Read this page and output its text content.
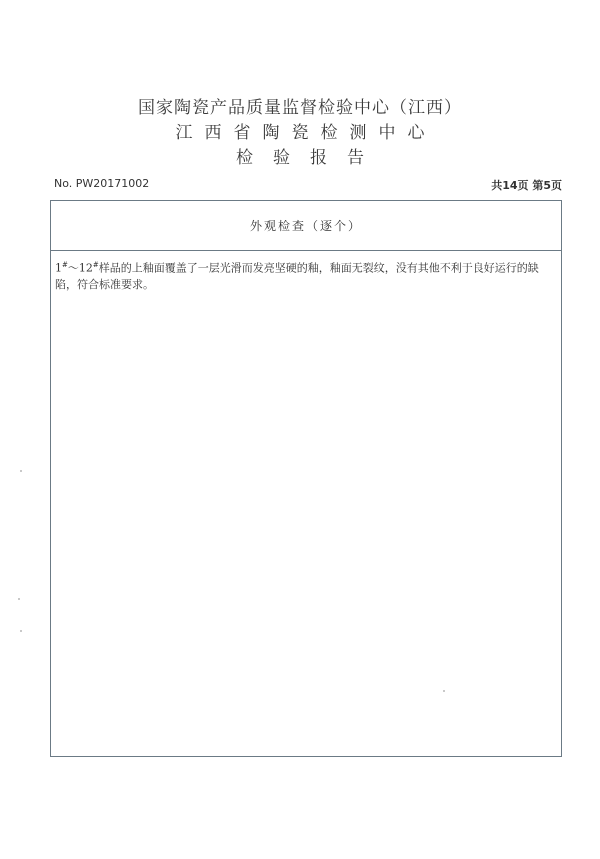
国家陶瓷产品质量监督检验中心（江西）
江西省陶瓷检测中心
检验报告
No. PW20171002	共14页 第5页
外观检查（逐个）
1#～12#样品的上釉面覆盖了一层光滑而发亮坚硬的釉，釉面无裂纹，没有其他不利于良好运行的缺陷，符合标准要求。
